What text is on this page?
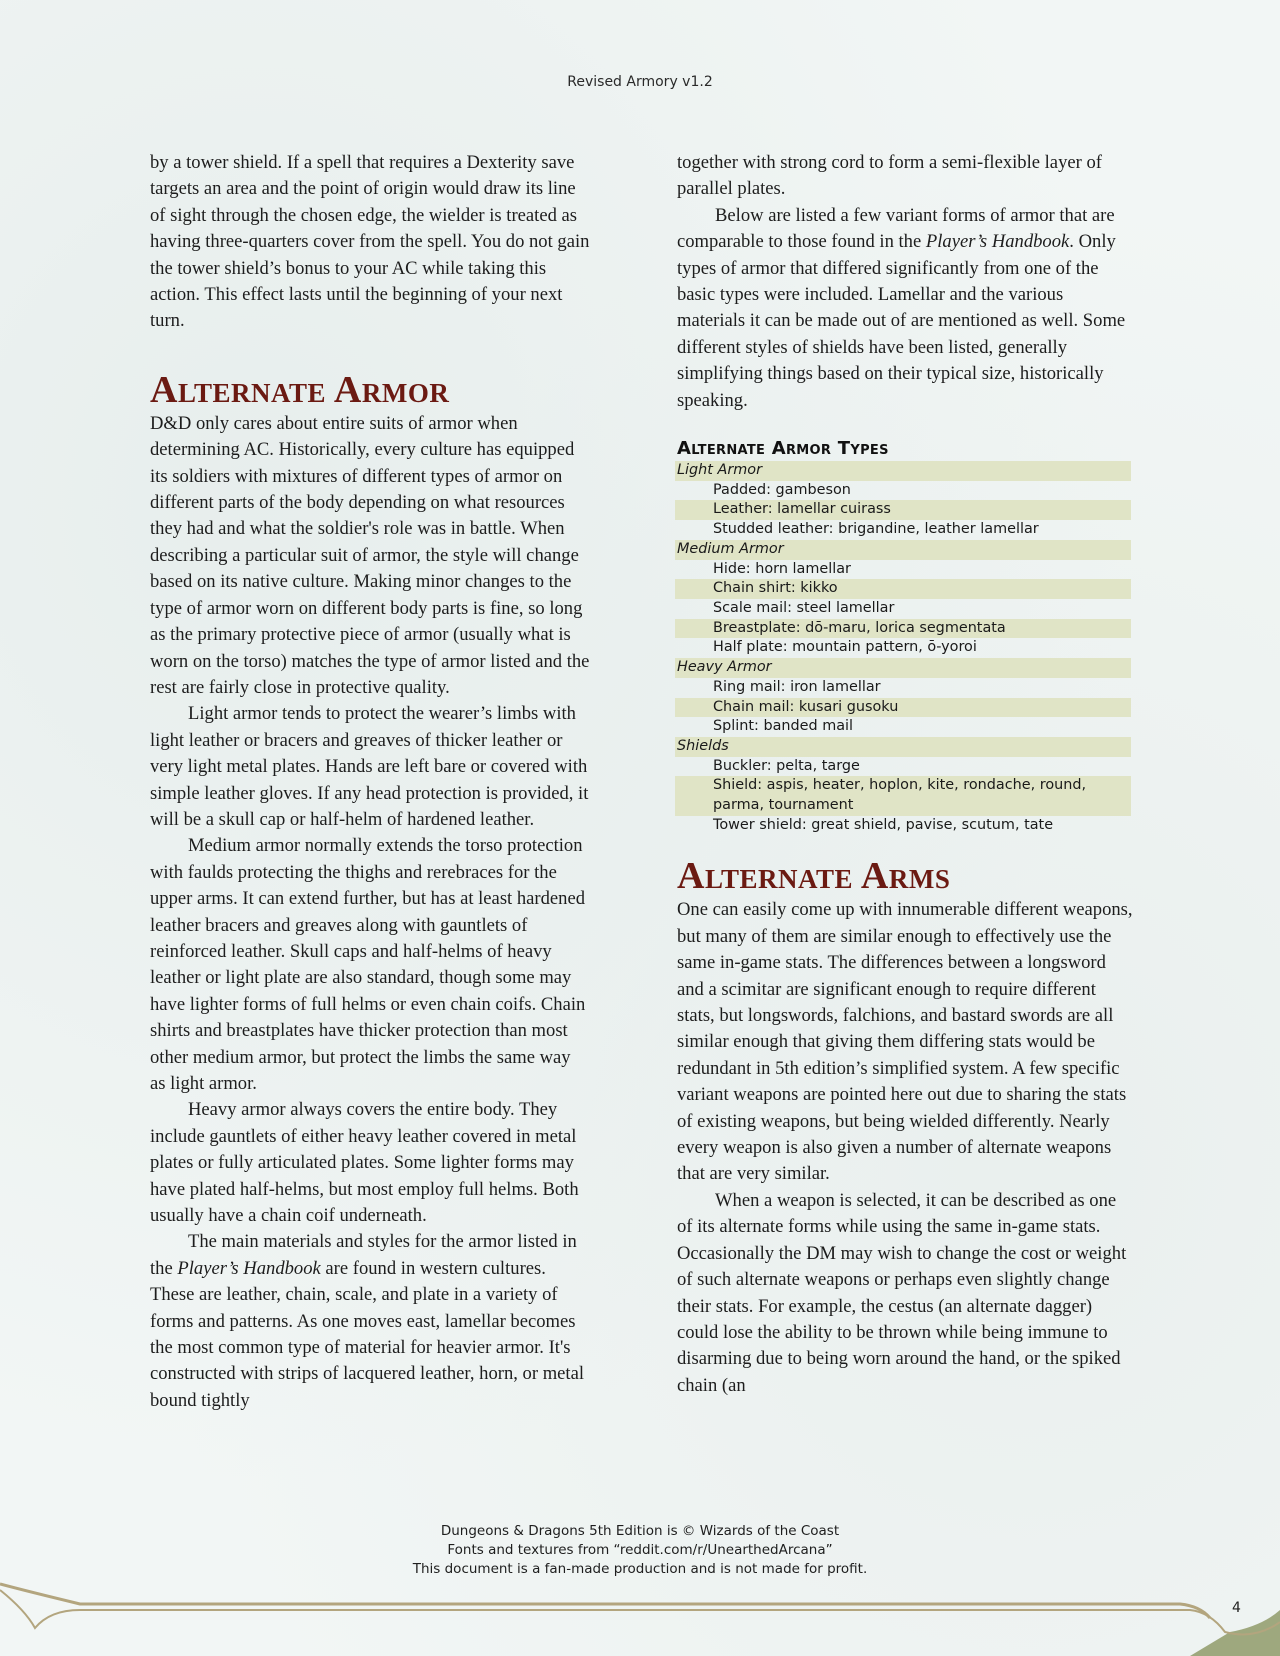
Revised Armory v1.2

by a tower shield. If a spell that requires a Dexterity save targets an area and the point of origin would draw its line of sight through the chosen edge, the wielder is treated as having three-quarters cover from the spell. You do not gain the tower shield’s bonus to your AC while taking this action. This effect lasts until the beginning of your next turn.

Alternate Armor

D&D only cares about entire suits of armor when determining AC. Historically, every culture has equipped its soldiers with mixtures of different types of armor on different parts of the body depending on what resources they had and what the soldier's role was in battle. When describing a particular suit of armor, the style will change based on its native culture. Making minor changes to the type of armor worn on different body parts is fine, so long as the primary protective piece of armor (usually what is worn on the torso) matches the type of armor listed and the rest are fairly close in protective quality.

Light armor tends to protect the wearer’s limbs with light leather or bracers and greaves of thicker leather or very light metal plates. Hands are left bare or covered with simple leather gloves. If any head protection is provided, it will be a skull cap or half-helm of hardened leather.

Medium armor normally extends the torso protection with faulds protecting the thighs and rerebraces for the upper arms. It can extend further, but has at least hardened leather bracers and greaves along with gauntlets of reinforced leather. Skull caps and half-helms of heavy leather or light plate are also standard, though some may have lighter forms of full helms or even chain coifs. Chain shirts and breastplates have thicker protection than most other medium armor, but protect the limbs the same way as light armor.

Heavy armor always covers the entire body. They include gauntlets of either heavy leather covered in metal plates or fully articulated plates. Some lighter forms may have plated half-helms, but most employ full helms. Both usually have a chain coif underneath.

The main materials and styles for the armor listed in the Player’s Handbook are found in western cultures. These are leather, chain, scale, and plate in a variety of forms and patterns. As one moves east, lamellar becomes the most common type of material for heavier armor. It's constructed with strips of lacquered leather, horn, or metal bound tightly

together with strong cord to form a semi-flexible layer of parallel plates.

Below are listed a few variant forms of armor that are comparable to those found in the Player’s Handbook. Only types of armor that differed significantly from one of the basic types were included. Lamellar and the various materials it can be made out of are mentioned as well. Some different styles of shields have been listed, generally simplifying things based on their typical size, historically speaking.

Alternate Armor Types
Light Armor
Padded: gambeson
Leather: lamellar cuirass
Studded leather: brigandine, leather lamellar
Medium Armor
Hide: horn lamellar
Chain shirt: kikko
Scale mail: steel lamellar
Breastplate: dō-maru, lorica segmentata
Half plate: mountain pattern, ō-yoroi
Heavy Armor
Ring mail: iron lamellar
Chain mail: kusari gusoku
Splint: banded mail
Shields
Buckler: pelta, targe
Shield: aspis, heater, hoplon, kite, rondache, round, parma, tournament
Tower shield: great shield, pavise, scutum, tate
Alternate Arms

One can easily come up with innumerable different weapons, but many of them are similar enough to effectively use the same in-game stats. The differences between a longsword and a scimitar are significant enough to require different stats, but longswords, falchions, and bastard swords are all similar enough that giving them differing stats would be redundant in 5th edition’s simplified system. A few specific variant weapons are pointed here out due to sharing the stats of existing weapons, but being wielded differently. Nearly every weapon is also given a number of alternate weapons that are very similar.

When a weapon is selected, it can be described as one of its alternate forms while using the same in-game stats. Occasionally the DM may wish to change the cost or weight of such alternate weapons or perhaps even slightly change their stats. For example, the cestus (an alternate dagger) could lose the ability to be thrown while being immune to disarming due to being worn around the hand, or the spiked chain (an

Dungeons & Dragons 5th Edition is © Wizards of the Coast
Fonts and textures from “reddit.com/r/UnearthedArcana”
This document is a fan-made production and is not made for profit.
4
